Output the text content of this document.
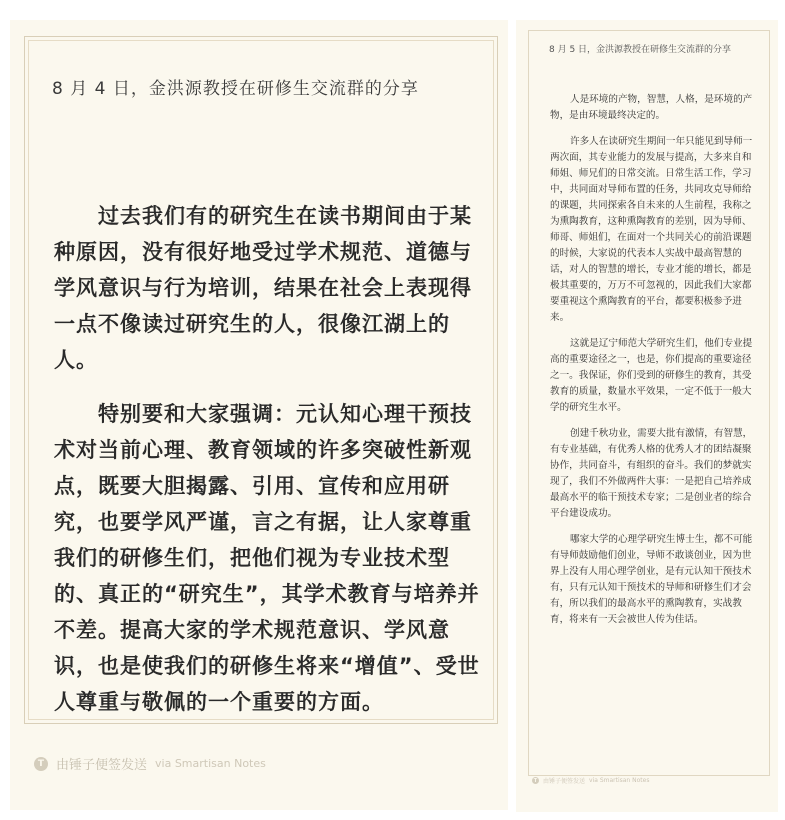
8 月 4 日，金洪源教授在研修生交流群的分享

过去我们有的研究生在读书期间由于某种原因，没有很好地受过学术规范、道德与学风意识与行为培训，结果在社会上表现得一点不像读过研究生的人，很像江湖上的人。

特别要和大家强调：元认知心理干预技术对当前心理、教育领域的许多突破性新观点，既要大胆揭露、引用、宣传和应用研究，也要学风严谨，言之有据，让人家尊重我们的研修生们，把他们视为专业技术型的、真正的“研究生”，其学术教育与培养并不差。提高大家的学术规范意识、学风意识，也是使我们的研修生将来“增值”、受世人尊重与敬佩的一个重要的方面。

T 由锤子便签发送 via Smartisan Notes
8 月 5 日，金洪源教授在研修生交流群的分享

人是环境的产物，智慧，人格，是环境的产物，是由环境最终决定的。

许多人在读研究生期间一年只能见到导师一两次面，其专业能力的发展与提高，大多来自和师姐、师兄们的日常交流。日常生活工作，学习中，共同面对导师布置的任务，共同攻克导师给的课题，共同探索各自未来的人生前程，我称之为熏陶教育，这种熏陶教育的差别，因为导师、师哥、师姐们，在面对一个共同关心的前沿课题的时候，大家说的代表本人实战中最高智慧的话，对人的智慧的增长，专业才能的增长，都是极其重要的，万万不可忽视的，因此我们大家都要重视这个熏陶教育的平台，都要积极参予进来。

这就是辽宁师范大学研究生们，他们专业提高的重要途径之一，也是，你们提高的重要途径之一。我保证，你们受到的研修生的教育，其受教育的质量，数量水平效果，一定不低于一般大学的研究生水平。

创建千秋功业，需要大批有激情，有智慧，有专业基础，有优秀人格的优秀人才的团结凝聚协作，共同奋斗，有组织的奋斗。我们的梦就实现了，我们不外做两件大事：一是把自己培养成最高水平的临干预技术专家；二是创业者的综合平台建设成功。

哪家大学的心理学研究生博士生，都不可能有导师鼓励他们创业，导师不敢谈创业，因为世界上没有人用心理学创业，是有元认知干预技术有，只有元认知干预技术的导师和研修生们才会有，所以我们的最高水平的熏陶教育，实战教育，将来有一天会被世人传为佳话。

T 由锤子便签发送 via Smartisan Notes
